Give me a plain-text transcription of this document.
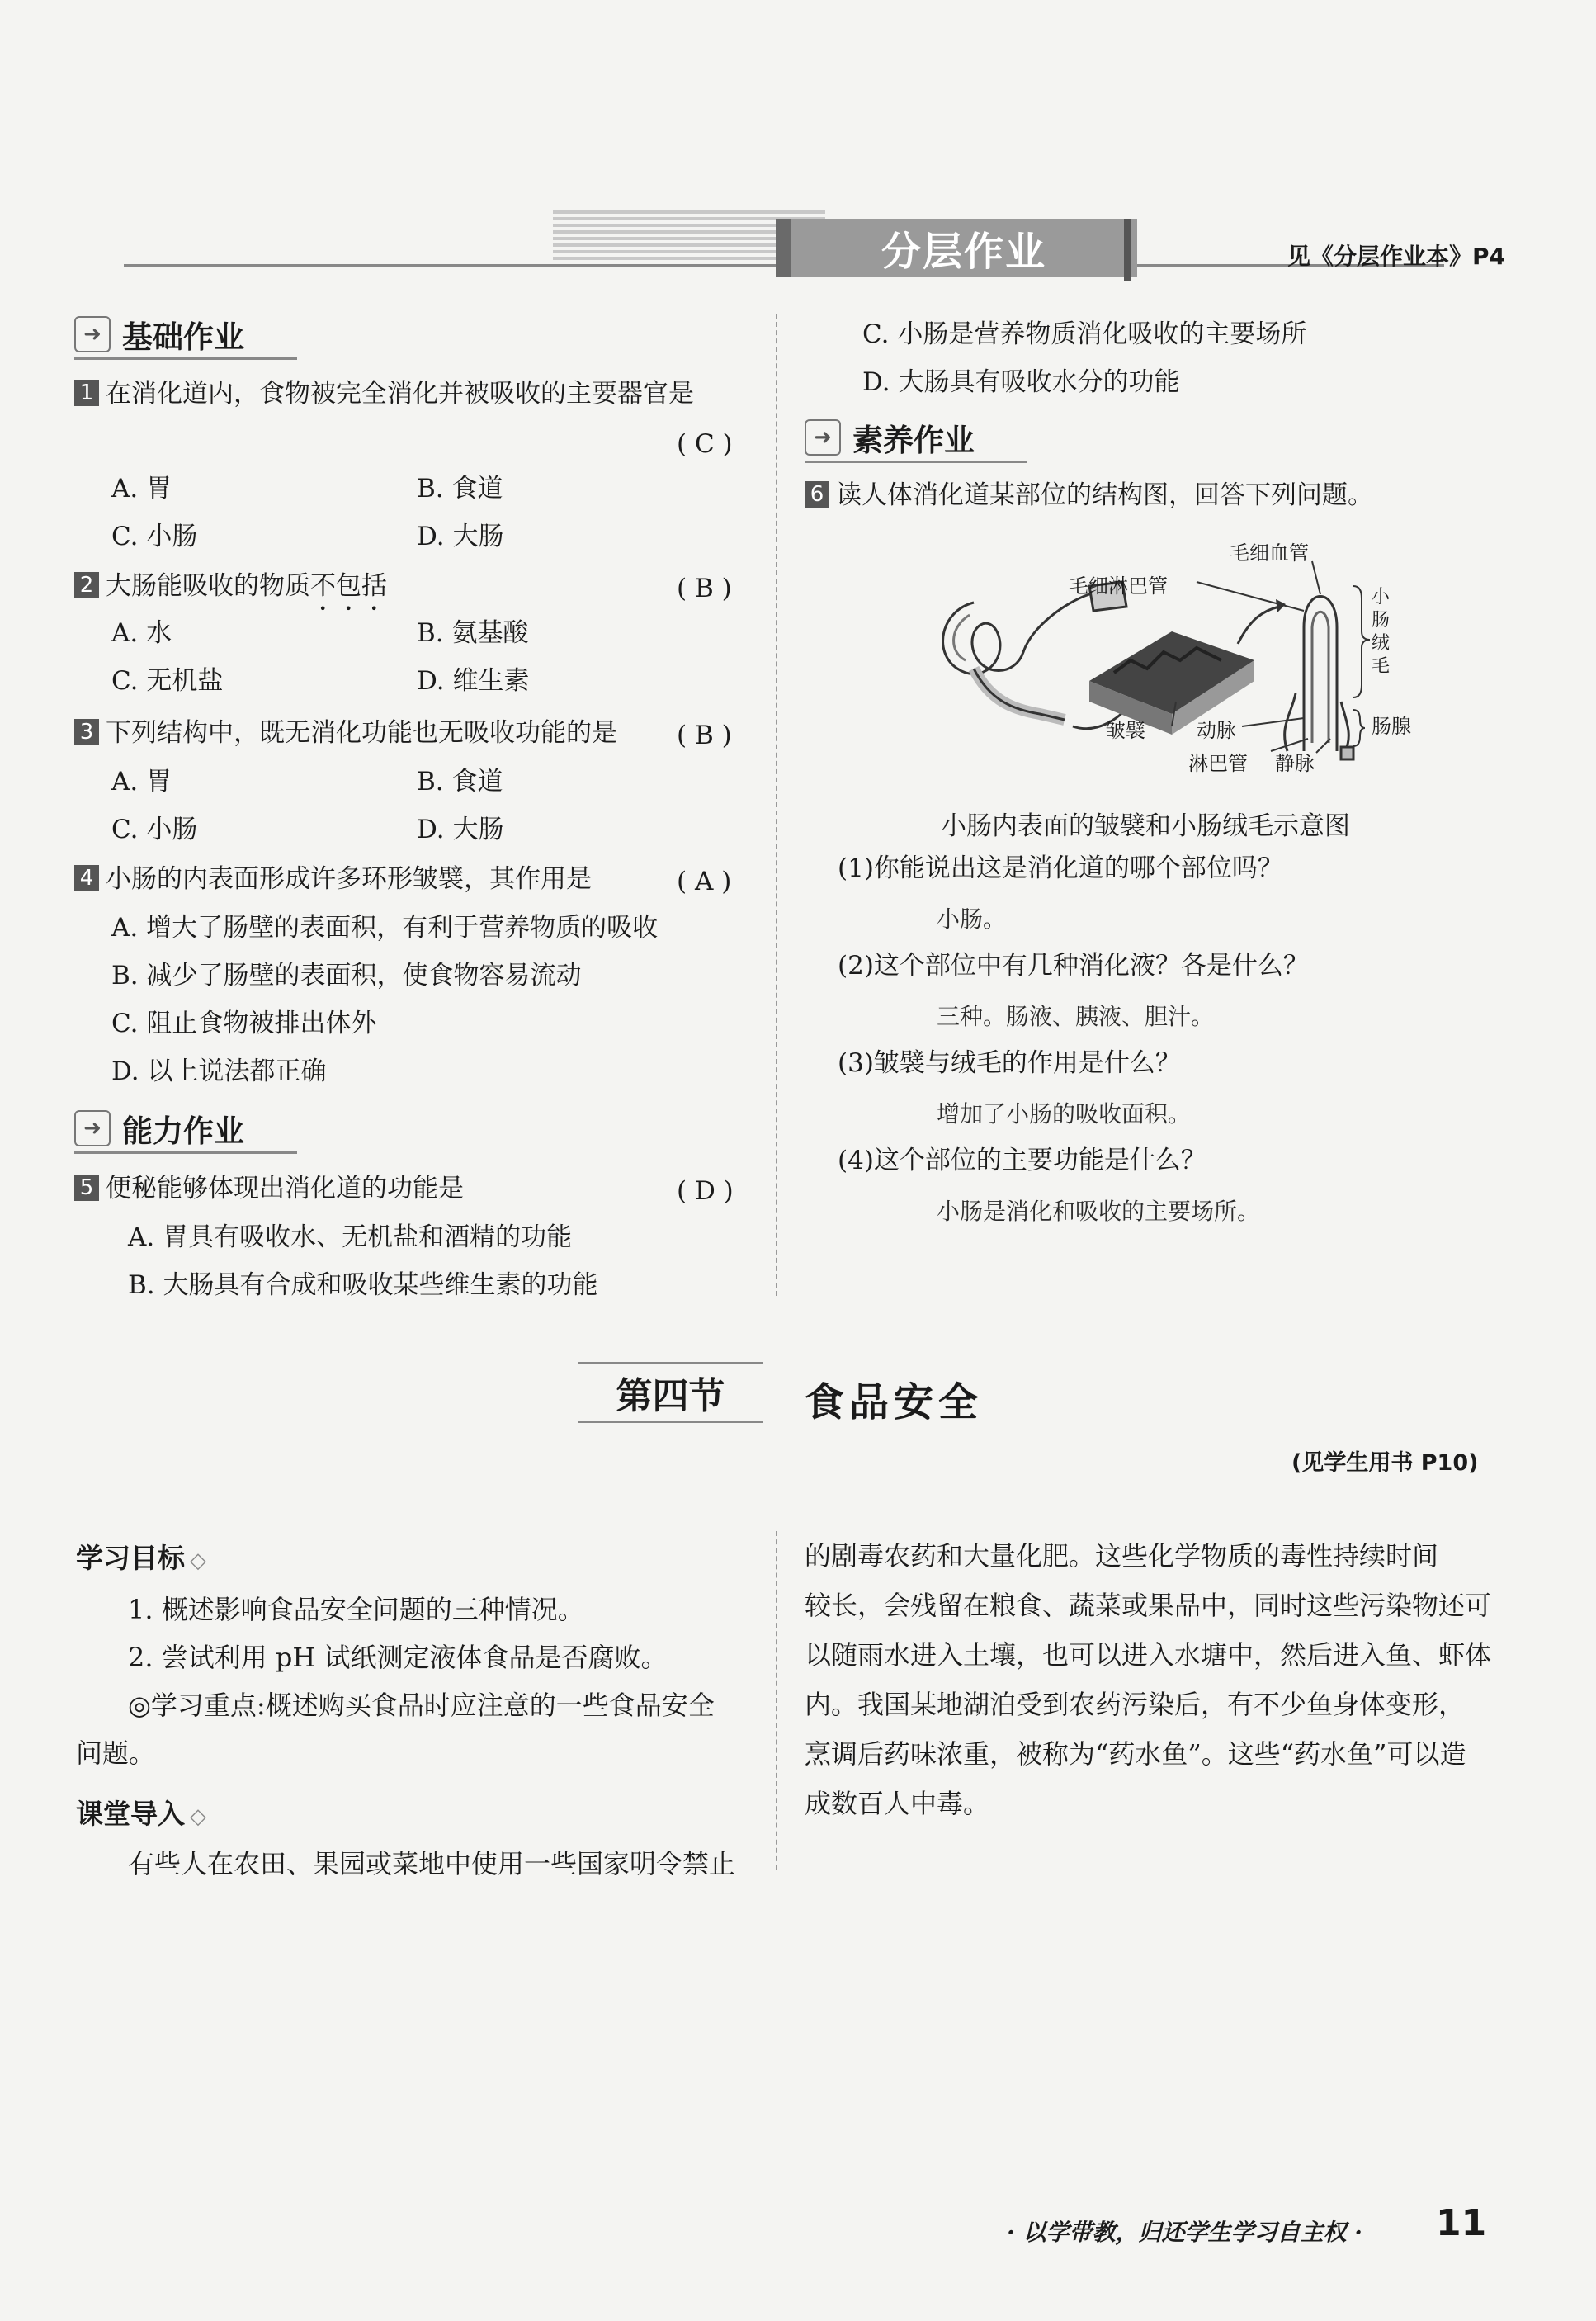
分层作业	见《分层作业本》P4
➜ 基础作业
1 在消化道内，食物被完全消化并被吸收的主要器官是
( C )
A. 胃	B. 食道
C. 小肠	D. 大肠
2 大肠能吸收的物质不包括	( B )
A. 水	B. 氨基酸
C. 无机盐	D. 维生素
3 下列结构中，既无消化功能也无吸收功能的是 ( B )
A. 胃	B. 食道
C. 小肠	D. 大肠
4 小肠的内表面形成许多环形皱襞，其作用是	( A )
A. 增大了肠壁的表面积，有利于营养物质的吸收
B. 减少了肠壁的表面积，使食物容易流动
C. 阻止食物被排出体外
D. 以上说法都正确
➜ 能力作业
5 便秘能够体现出消化道的功能是	( D )
A. 胃具有吸收水、无机盐和酒精的功能
B. 大肠具有合成和吸收某些维生素的功能
C. 小肠是营养物质消化吸收的主要场所
D. 大肠具有吸收水分的功能
➜ 素养作业
6 读人体消化道某部位的结构图，回答下列问题。
毛细血管
毛细淋巴管	小
肠
绒
毛
肠腺
皱襞	动脉
淋巴管 静脉
小肠内表面的皱襞和小肠绒毛示意图
(1)你能说出这是消化道的哪个部位吗？
小肠。
(2)这个部位中有几种消化液？各是什么？
三种。肠液、胰液、胆汁。
(3)皱襞与绒毛的作用是什么？
增加了小肠的吸收面积。
(4)这个部位的主要功能是什么？
小肠是消化和吸收的主要场所。
第四节 食品安全
(见学生用书 P10)
学习目标 ◇
1. 概述影响食品安全问题的三种情况。
2. 尝试利用 pH 试纸测定液体食品是否腐败。
◎学习重点:概述购买食品时应注意的一些食品安全
问题。
课堂导入 ◇
有些人在农田、果园或菜地中使用一些国家明令禁止
的剧毒农药和大量化肥。这些化学物质的毒性持续时间
较长，会残留在粮食、蔬菜或果品中，同时这些污染物还可
以随雨水进入土壤，也可以进入水塘中，然后进入鱼、虾体
内。我国某地湖泊受到农药污染后，有不少鱼身体变形，
烹调后药味浓重，被称为“药水鱼”。这些“药水鱼”可以造
成数百人中毒。
· 以学带教，归还学生学习自主权 · 11
